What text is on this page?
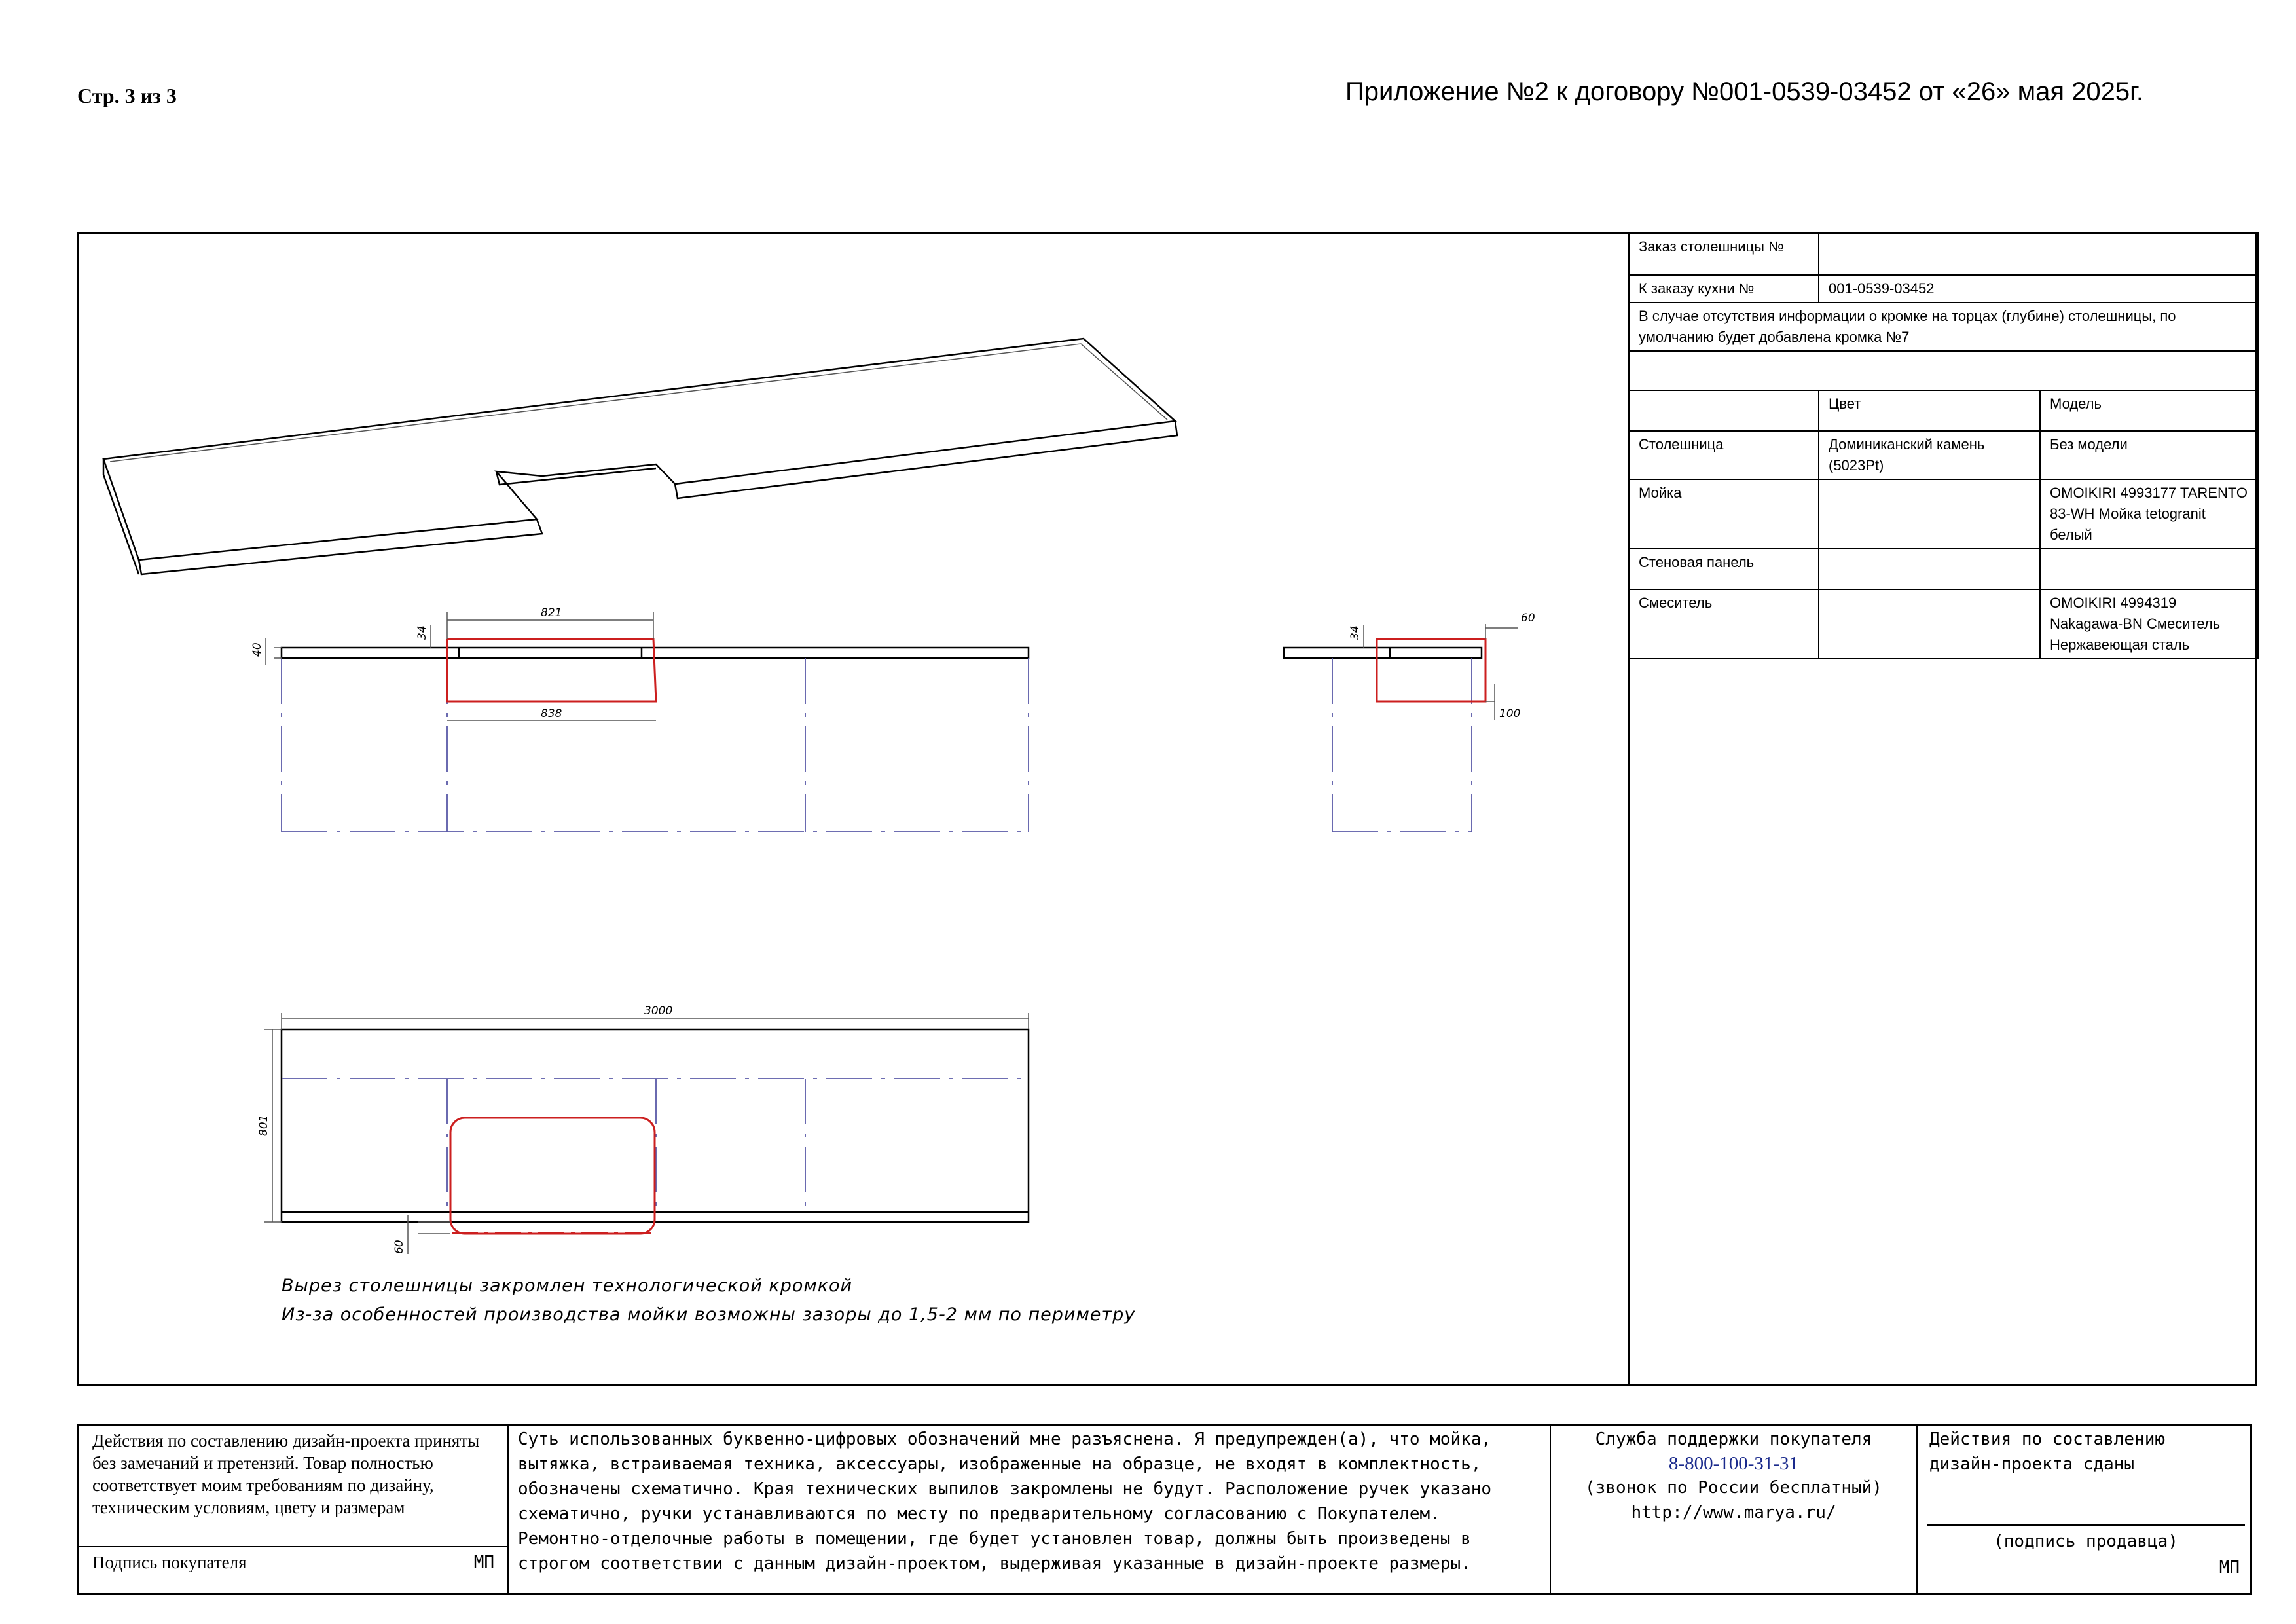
Стр. 3 из 3	Приложение №2 к договору №001-0539-03452 от «26» мая 2025г.
821
838
40
34
60
100
34
3000
801
60
Вырез столешницы закромлен технологической кромкой
Из-за особенностей производства мойки возможны зазоры до 1,5-2 мм по периметру
Заказ столешницы №		
К заказу кухни №	001-0539-03452	
В случае отсутствия информации о кромке на торцах (глубине) столешницы, по умолчанию будет добавлена кромка №7		

	Цвет	Модель
Столешница	Доминиканский камень (5023Pt)	Без модели
Мойка		OMOIKIRI 4993177 TARENTO 83-WH Мойка tetogranit белый
Стеновая панель		
Смеситель		OMOIKIRI 4994319 Nakagawa-BN Смеситель Нержавеющая сталь
Действия по составлению дизайн-проекта приняты без замечаний и претензий. Товар полностью соответствует моим требованиям по дизайну, техническим условиям, цвету и размерам
Подпись покупателя	МП
Суть использованных буквенно-цифровых обозначений мне разъяснена. Я предупрежден(а), что мойка, вытяжка, встраиваемая техника, аксессуары, изображенные на образце, не входят в комплектность, обозначены схематично. Края технических выпилов закромлены не будут. Расположение ручек указано схематично, ручки устанавливаются по месту по предварительному согласованию с Покупателем. Ремонтно-отделочные работы в помещении, где будет установлен товар, должны быть произведены в строгом соответствии с данным дизайн-проектом, выдерживая указанные в дизайн-проекте размеры.
Служба поддержки покупателя
8-800-100-31-31
(звонок по России бесплатный)
http://www.marya.ru/
Действия по составлению дизайн-проекта сданы
(подпись продавца)
МП
